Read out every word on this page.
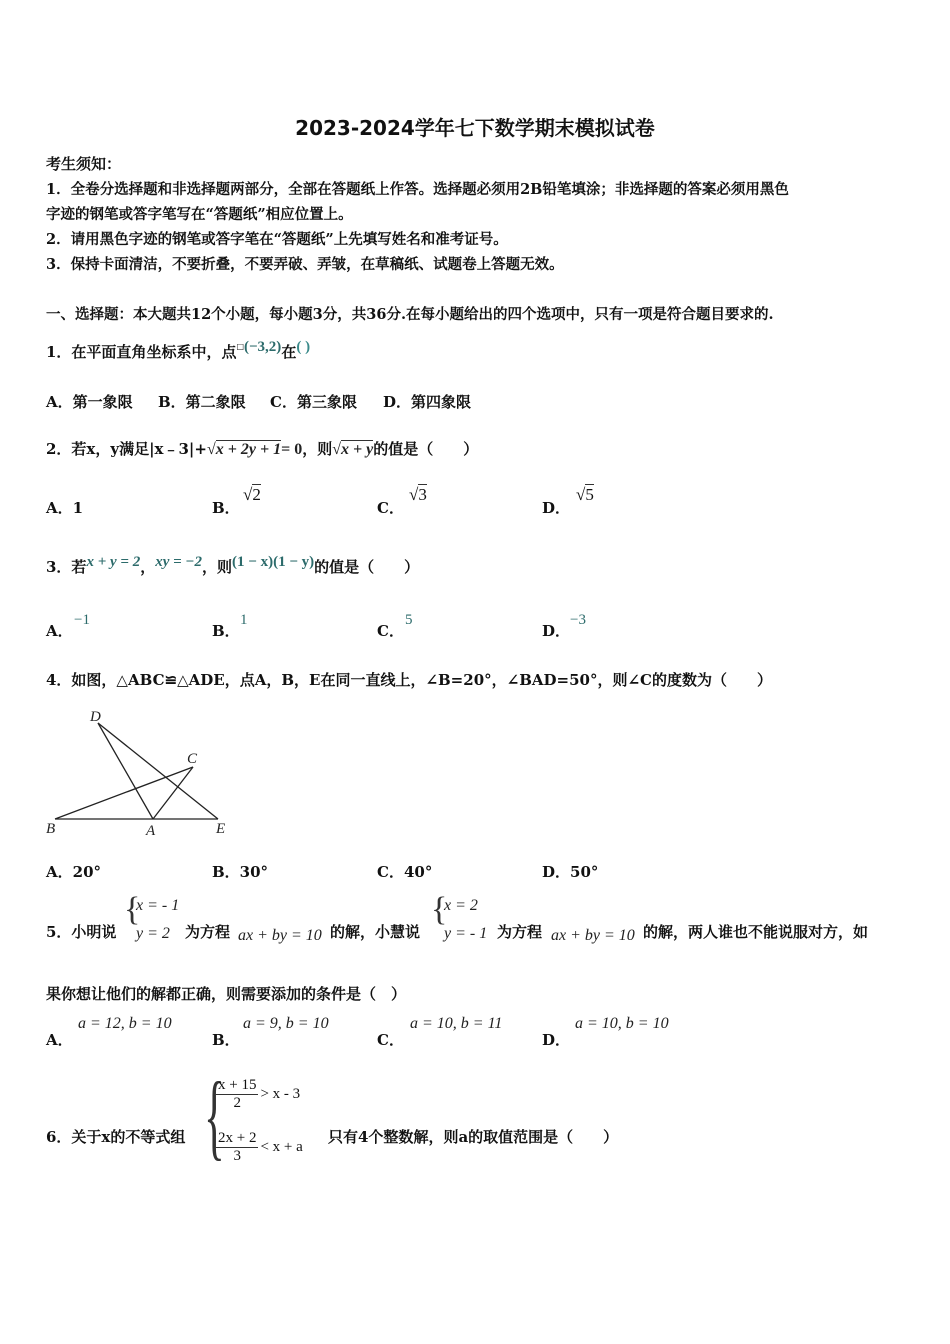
2023-2024学年七下数学期末模拟试卷
考生须知：
1．全卷分选择题和非选择题两部分，全部在答题纸上作答。选择题必须用2B铅笔填涂；非选择题的答案必须用黑色
字迹的钢笔或答字笔写在“答题纸”相应位置上。
2．请用黑色字迹的钢笔或答字笔在“答题纸”上先填写姓名和准考证号。
3．保持卡面清洁，不要折叠，不要弄破、弄皱，在草稿纸、试题卷上答题无效。
一、选择题：本大题共12个小题，每小题3分，共36分.在每小题给出的四个选项中，只有一项是符合题目要求的.
1．在平面直角坐标系中，点□(−3,2)在( )
A．第一象限 B．第二象限 C．第三象限 D．第四象限
2．若x，y满足|x﹣3|+√x + 2y + 1= 0，则√x + y的值是（　　）
A．1	B．
√2
C．
√3
D．
√5
3．若x + y = 2，xy = −2，则(1 − x)(1 − y)的值是（　　）
A．
−1
B．
1
C．
5
D．
−3
4．如图，△ABC≌△ADE，点A，B，E在同一直线上，∠B=20°，∠BAD=50°，则∠C的度数为（　　）
D
C
B	A	E
A．20°	B．30°	C．40°	D．50°
5．小明说
{
x = - 1
y = 2 为方程 ax + by = 10 的解，小慧说
{
x = 2
y = - 1 为方程 ax + by = 10 的解，两人谁也不能说服对方，如
果你想让他们的解都正确，则需要添加的条件是（　）
A．
a = 12, b = 10
B．
a = 9, b = 10
C．
a = 10, b = 11
D．
a = 10, b = 10
6．关于x的不等式组 {
$\frac{x + 15}{2} > x - 3$
$\frac{2x + 2}{3} < x + a$
只有4个整数解，则a的取值范围是（　　）
